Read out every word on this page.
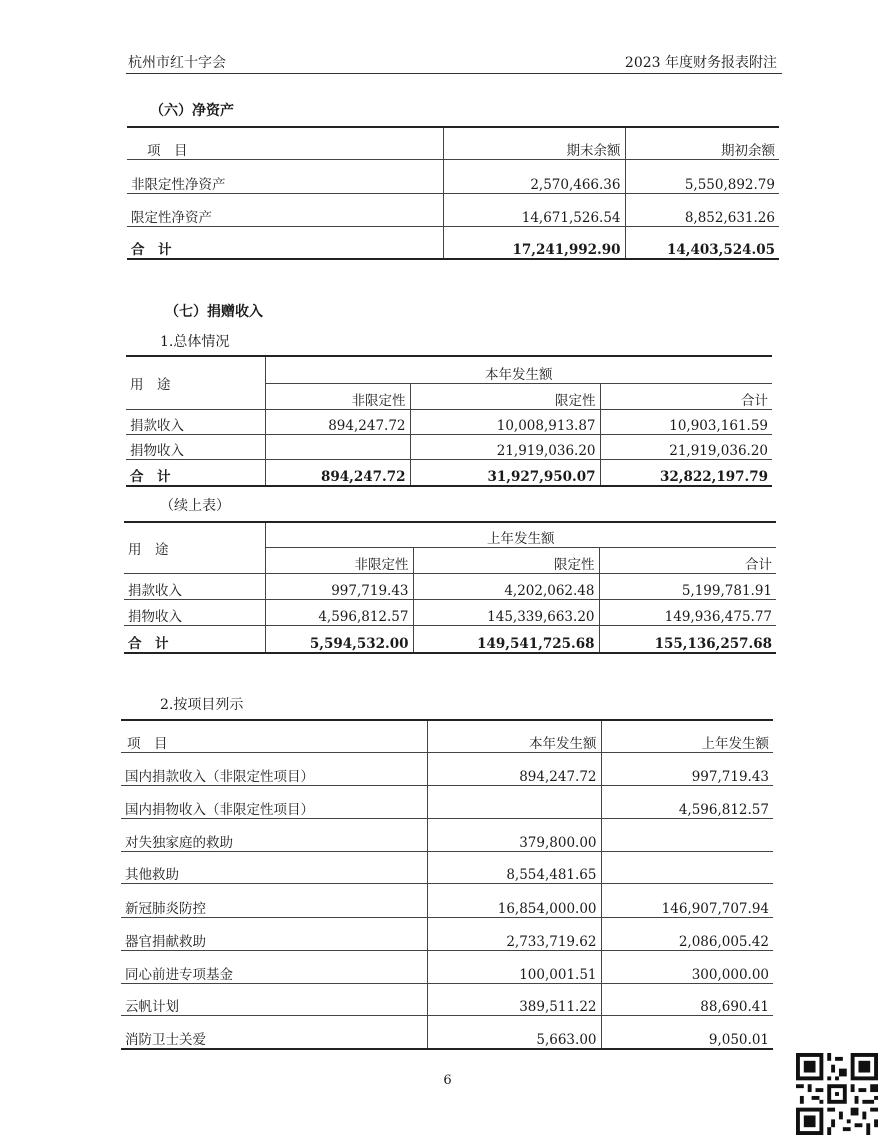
杭州市红十字会	2023 年度财务报表附注
（六）净资产
项　目	期末余额	期初余额
非限定性净资产	2,570,466.36	5,550,892.79
限定性净资产	14,671,526.54	8,852,631.26
合　计	17,241,992.90	14,403,524.05
（七）捐赠收入
1.总体情况
用　途	本年发生额		
	非限定性	限定性	合计
捐款收入	894,247.72	10,008,913.87	10,903,161.59
捐物收入		21,919,036.20	21,919,036.20
合　计	894,247.72	31,927,950.07	32,822,197.79
（续上表）
用　途	上年发生额		
	非限定性	限定性	合计
捐款收入	997,719.43	4,202,062.48	5,199,781.91
捐物收入	4,596,812.57	145,339,663.20	149,936,475.77
合　计	5,594,532.00	149,541,725.68	155,136,257.68
2.按项目列示
项　目	本年发生额	上年发生额
国内捐款收入（非限定性项目）	894,247.72	997,719.43
国内捐物收入（非限定性项目）		4,596,812.57
对失独家庭的救助	379,800.00	
其他救助	8,554,481.65	
新冠肺炎防控	16,854,000.00	146,907,707.94
器官捐献救助	2,733,719.62	2,086,005.42
同心前进专项基金	100,001.51	300,000.00
云帆计划	389,511.22	88,690.41
消防卫士关爱	5,663.00	9,050.01
6
